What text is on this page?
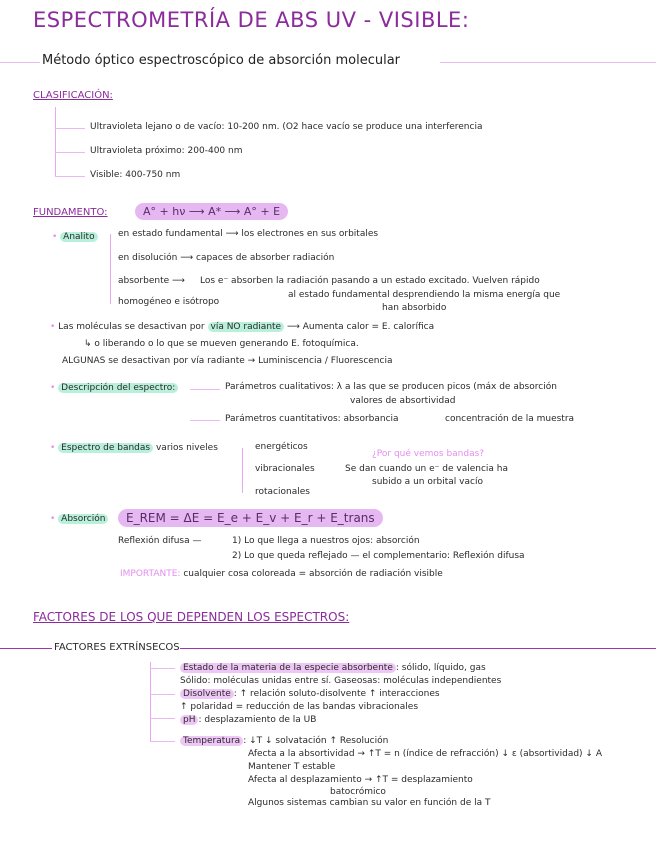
ESPECTROMETRÍA DE ABS UV - VISIBLE:
Método óptico espectroscópico de absorción molecular
CLASIFICACIÓN:
Ultravioleta lejano o de vacío: 10-200 nm. (O2 hace vacío se produce una interferencia
Ultravioleta próximo: 200-400 nm
Visible: 400-750 nm
FUNDAMENTO:	A° + hν ⟶ A* ⟶ A° + E
• Analito	en estado fundamental ⟶ los electrones en sus orbitales
en disolución ⟶ capaces de absorber radiación
absorbente ⟶
homogéneo e isótropo
Los e⁻ absorben la radiación pasando a un estado excitado. Vuelven rápido
al estado fundamental desprendiendo la misma energía que
han absorbido
• Las moléculas se desactivan por vía NO radiante ⟶ Aumenta calor = E. calorífica
↳ o liberando o lo que se mueven generando E. fotoquímica.
ALGUNAS se desactivan por vía radiante → Luminiscencia / Fluorescencia
• Descripción del espectro:	Parámetros cualitativos: λ a las que se producen picos (máx de absorción
valores de absortividad
Parámetros cuantitativos: absorbancia	concentración de la muestra
• Espectro de bandas varios niveles	energéticos
vibracionales
rotacionales
¿Por qué vemos bandas?
Se dan cuando un e⁻ de valencia ha
subido a un orbital vacío
• Absorción	E_REM = ΔE = E_e + E_v + E_r + E_trans
Reflexión difusa —	1) Lo que llega a nuestros ojos: absorción
2) Lo que queda reflejado — el complementario: Reflexión difusa
IMPORTANTE: cualquier cosa coloreada = absorción de radiación visible
FACTORES DE LOS QUE DEPENDEN LOS ESPECTROS:
FACTORES EXTRÍNSECOS
Estado de la materia de la especie absorbente : sólido, líquido, gas
Sólido: moléculas unidas entre sí. Gaseosas: moléculas independientes
Disolvente : ↑ relación soluto-disolvente ↑ interacciones
↑ polaridad = reducción de las bandas vibracionales
pH : desplazamiento de la UB
Temperatura : ↓T ↓ solvatación ↑ Resolución
Afecta a la absortividad → ↑T = n (índice de refracción) ↓ ε (absortividad) ↓ A
Mantener T estable
Afecta al desplazamiento → ↑T = desplazamiento
batocrómico
Algunos sistemas cambian su valor en función de la T
